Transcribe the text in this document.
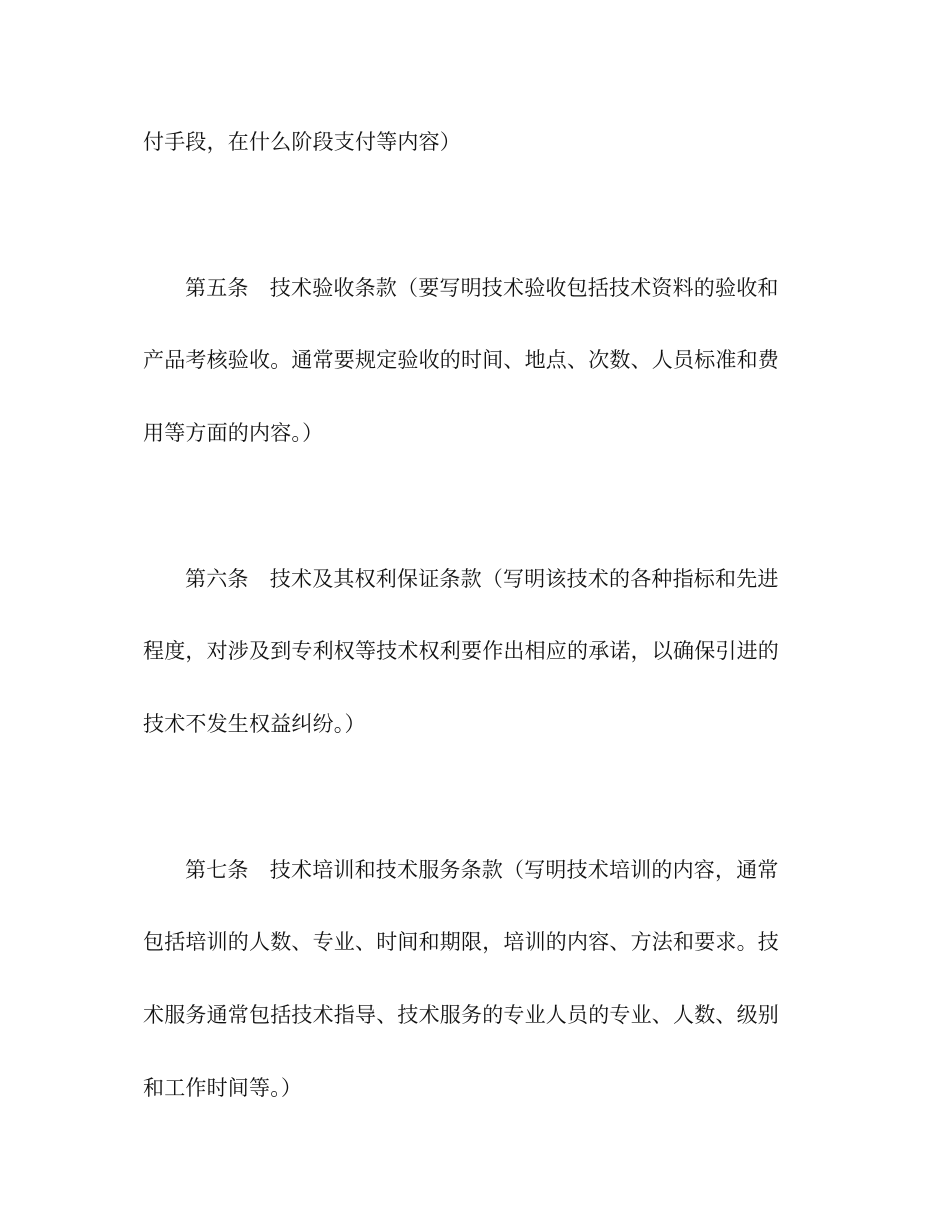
付手段，在什么阶段支付等内容）
第五条　技术验收条款（要写明技术验收包括技术资料的验收和
产品考核验收。通常要规定验收的时间、地点、次数、人员标准和费
用等方面的内容。）
第六条　技术及其权利保证条款（写明该技术的各种指标和先进
程度，对涉及到专利权等技术权利要作出相应的承诺，以确保引进的
技术不发生权益纠纷。）
第七条　技术培训和技术服务条款（写明技术培训的内容，通常
包括培训的人数、专业、时间和期限，培训的内容、方法和要求。技
术服务通常包括技术指导、技术服务的专业人员的专业、人数、级别
和工作时间等。）
